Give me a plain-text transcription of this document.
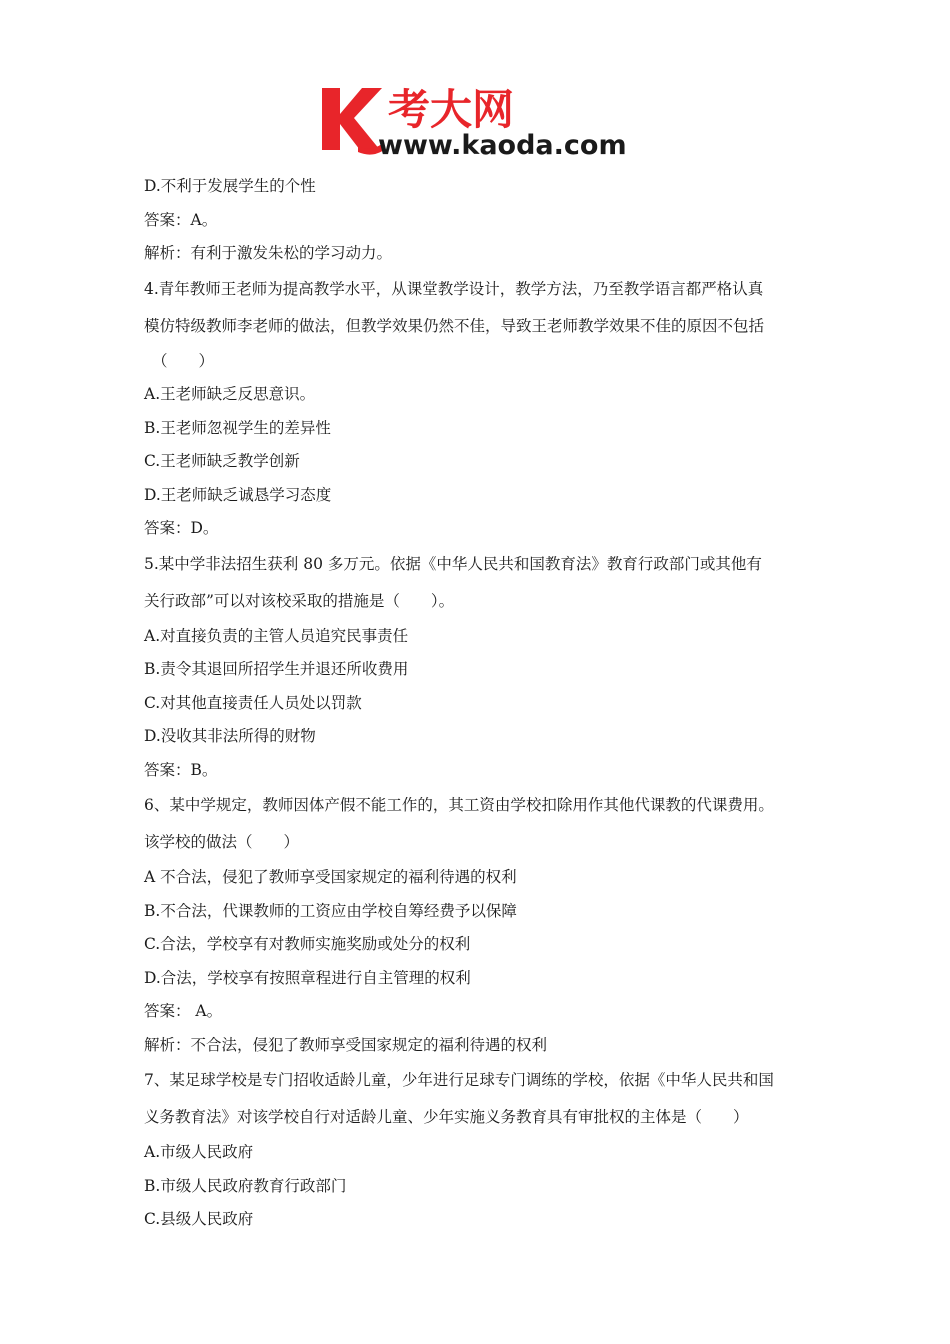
考大网
www.kaoda.com
D.不利于发展学生的个性
答案：A。
解析：有利于激发朱松的学习动力。
4.青年教师王老师为提高教学水平，从课堂教学设计，教学方法，乃至教学语言都严格认真
模仿特级教师李老师的做法，但教学效果仍然不佳，导致王老师教学效果不佳的原因不包括
（　　）
A.王老师缺乏反思意识。
B.王老师忽视学生的差异性
C.王老师缺乏教学创新
D.王老师缺乏诚恳学习态度
答案：D。
5.某中学非法招生获利 80 多万元。依据《中华人民共和国教育法》教育行政部门或其他有
关行政部”可以对该校采取的措施是（　　）。
A.对直接负责的主管人员追究民事责任
B.责令其退回所招学生并退还所收费用
C.对其他直接责任人员处以罚款
D.没收其非法所得的财物
答案：B。
6、某中学规定，教师因体产假不能工作的，其工资由学校扣除用作其他代课教的代课费用。
该学校的做法（　　）
A 不合法，侵犯了教师享受国家规定的福利待遇的权利
B.不合法，代课教师的工资应由学校自筹经费予以保障
C.合法，学校享有对教师实施奖励或处分的权利
D.合法，学校享有按照章程进行自主管理的权利
答案： A。
解析：不合法，侵犯了教师享受国家规定的福利待遇的权利
7、某足球学校是专门招收适龄儿童，少年进行足球专门调练的学校，依据《中华人民共和国
义务教育法》对该学校自行对适龄儿童、少年实施义务教育具有审批权的主体是（　　）
A.市级人民政府
B.市级人民政府教育行政部门
C.县级人民政府
